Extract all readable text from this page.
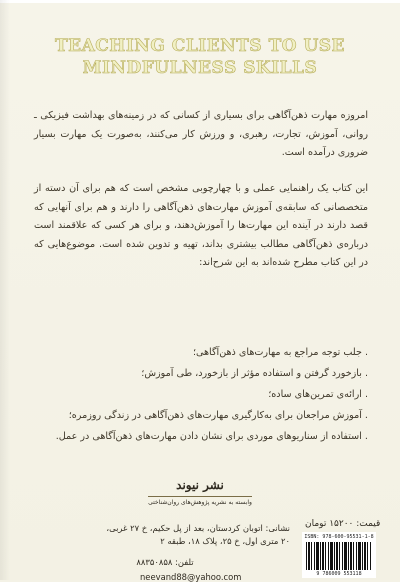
TEACHING CLIENTS TO USE
MINDFULNESS SKILLS
امروزه مهارت ذهن‌آگاهی برای بسیاری از کسانی که در زمینه‌های بهداشت فیزیکی ـ روانی، آموزش، تجارت، رهبری، و ورزش کار می‌کنند، به‌صورت یک مهارت بسیار ضروری درآمده است.
این کتاب یک راهنمایی عملی و با چهارچوبی مشخص است که هم برای آن دسته از متخصصانی که سابقه‌ی آموزش مهارت‌های ذهن‌آگاهی را دارند و هم برای آنهایی که قصد دارند در آینده این مهارت‌ها را آموزش‌دهند، و برای هر کسی که علاقمند است درباره‌ی ذهن‌آگاهی مطالب بیشتری بداند، تهیه و تدوین شده است. موضوع‌هایی که در این کتاب مطرح شده‌اند به این شرح‌اند:
. جلب توجه مراجع به مهارت‌های ذهن‌آگاهی؛
. بازخورد گرفتن و استفاده مؤثر از بازخورد، طی آموزش؛
. ارائه‌ی تمرین‌های ساده؛
. آموزش مراجعان برای به‌کارگیری مهارت‌های ذهن‌آگاهی در زندگی روزمره؛
. استفاده از سناریوهای موردی برای نشان دادن مهارت‌های ذهن‌آگاهی در عمل.
نشر نیوند
وابسته به نشریه پژوهش‌های روان‌شناختی
نشانی: اتوبان کردستان، بعد از پل حکیم، خ ۲۷ غربی،
۲۰ متری اول، خ ۲۵، پلاک ۱۸، طبقه ۲
تلفن: ۸۸۳۵۰۸۵۸
neevand88@yahoo.com
قیمت: ۱۵۲۰۰ تومان
ISBN: 978-600-95531-1-8
9 786009 553118
